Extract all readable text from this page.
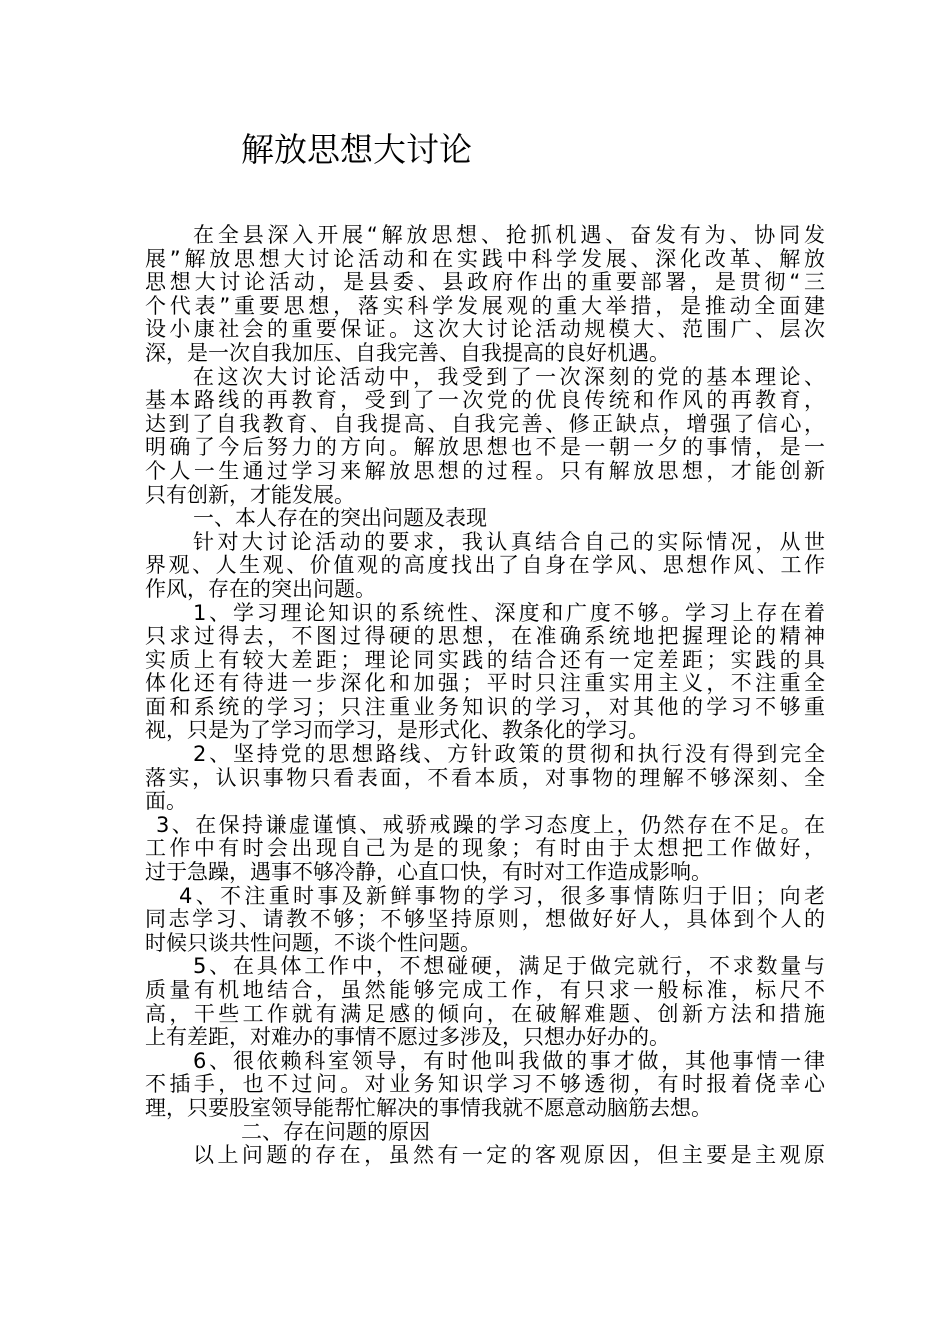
解放思想大讨论
在全县深入开展“解放思想、抢抓机遇、奋发有为、协同发
展”解放思想大讨论活动和在实践中科学发展、深化改革、解放
思想大讨论活动，是县委、县政府作出的重要部署，是贯彻“三
个代表”重要思想，落实科学发展观的重大举措，是推动全面建
设小康社会的重要保证。这次大讨论活动规模大、范围广、层次
深，是一次自我加压、自我完善、自我提高的良好机遇。
在这次大讨论活动中，我受到了一次深刻的党的基本理论、
基本路线的再教育，受到了一次党的优良传统和作风的再教育，
达到了自我教育、自我提高、自我完善、修正缺点，增强了信心，
明确了今后努力的方向。解放思想也不是一朝一夕的事情，是一
个人一生通过学习来解放思想的过程。只有解放思想，才能创新
只有创新，才能发展。
一、本人存在的突出问题及表现
针对大讨论活动的要求，我认真结合自己的实际情况，从世
界观、人生观、价值观的高度找出了自身在学风、思想作风、工作
作风，存在的突出问题。
1、学习理论知识的系统性、深度和广度不够。学习上存在着
只求过得去，不图过得硬的思想，在准确系统地把握理论的精神
实质上有较大差距；理论同实践的结合还有一定差距；实践的具
体化还有待进一步深化和加强；平时只注重实用主义，不注重全
面和系统的学习；只注重业务知识的学习，对其他的学习不够重
视，只是为了学习而学习，是形式化、教条化的学习。
2、坚持党的思想路线、方针政策的贯彻和执行没有得到完全
落实，认识事物只看表面，不看本质，对事物的理解不够深刻、全
面。
3、在保持谦虚谨慎、戒骄戒躁的学习态度上，仍然存在不足。在
工作中有时会出现自己为是的现象；有时由于太想把工作做好，
过于急躁，遇事不够冷静，心直口快，有时对工作造成影响。
4、不注重时事及新鲜事物的学习，很多事情陈归于旧；向老
同志学习、请教不够；不够坚持原则，想做好好人，具体到个人的
时候只谈共性问题，不谈个性问题。
5、在具体工作中，不想碰硬，满足于做完就行，不求数量与
质量有机地结合，虽然能够完成工作，有只求一般标准，标尺不
高，干些工作就有满足感的倾向，在破解难题、创新方法和措施
上有差距，对难办的事情不愿过多涉及，只想办好办的。
6、很依赖科室领导，有时他叫我做的事才做，其他事情一律
不插手，也不过问。对业务知识学习不够透彻，有时报着侥幸心
理，只要股室领导能帮忙解决的事情我就不愿意动脑筋去想。
二、存在问题的原因
以上问题的存在，虽然有一定的客观原因，但主要是主观原
